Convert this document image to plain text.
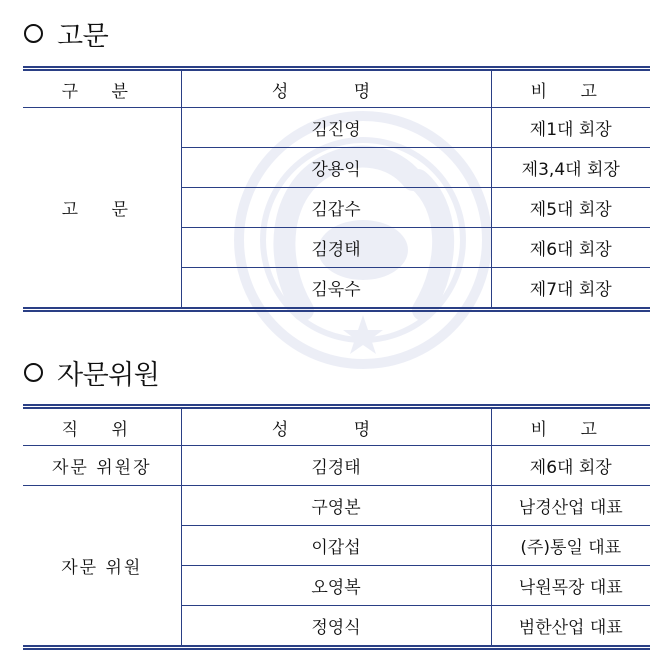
고문
구 분	성 명	비 고
고 문	김진영	제1대 회장
	강용익	제3,4대 회장
	김갑수	제5대 회장
	김경태	제6대 회장
	김욱수	제7대 회장
자문위원
직 위	성 명	비 고
자문 위원장	김경태	제6대 회장
자문 위원	구영본	남경산업 대표
	이갑섭	(주)통일 대표
	오영복	낙원목장 대표
	정영식	범한산업 대표
